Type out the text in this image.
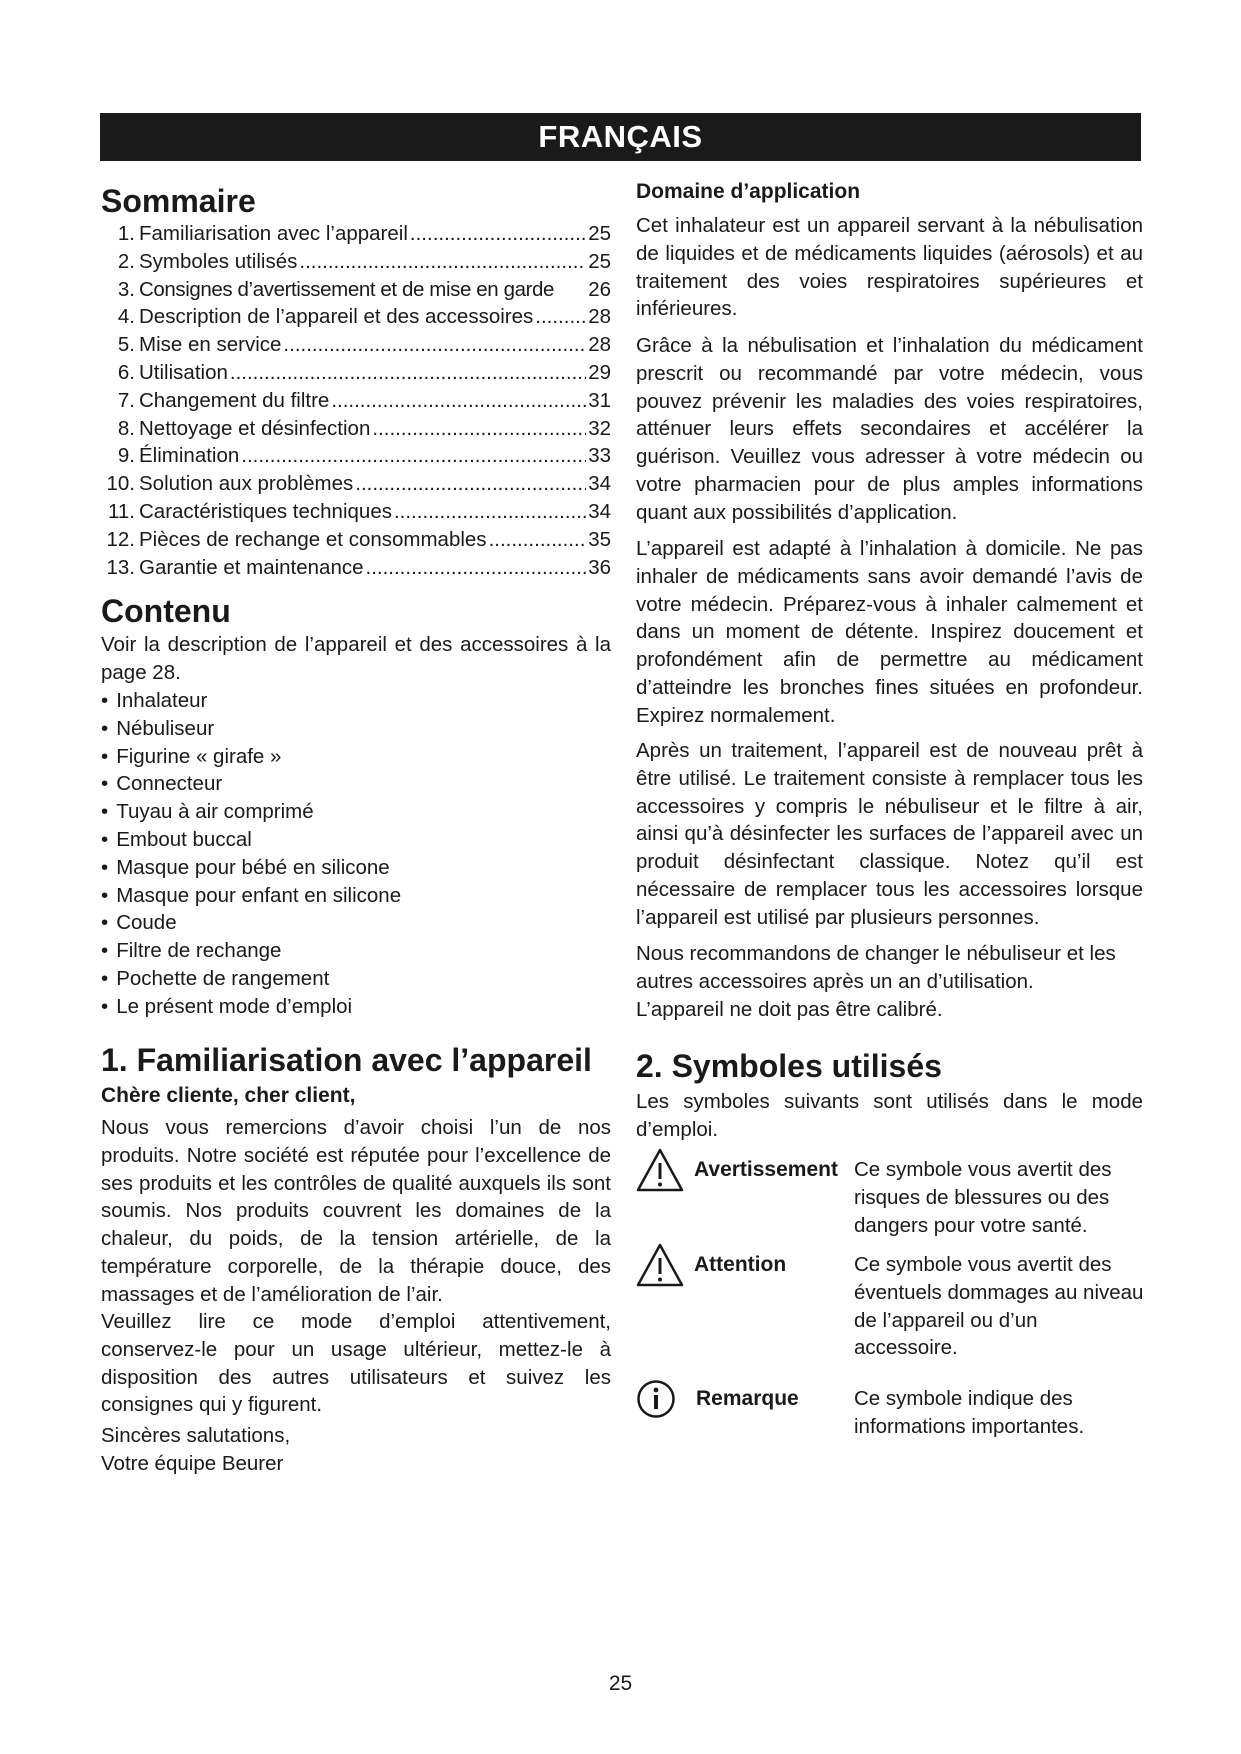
FRANÇAIS
Sommaire
1. Familiarisation avec l’appareil .....	25
2. Symboles utilisés .....	25
3. Consignes d’avertissement et de mise en garde 26
4. Description de l’appareil et des accessoires .....	28
5. Mise en service .....	28
6. Utilisation .....	29
7. Changement du filtre .....	31
8. Nettoyage et désinfection .....	32
9. Élimination .....	33
10. Solution aux problèmes .....	34
11. Caractéristiques techniques .....	34
12. Pièces de rechange et consommables .....	35
13. Garantie et maintenance .....	36
Contenu

Voir la description de l’appareil et des accessoires à la page 28.

• Inhalateur
• Nébuliseur
• Figurine « girafe »
• Connecteur
• Tuyau à air comprimé
• Embout buccal
• Masque pour bébé en silicone
• Masque pour enfant en silicone
• Coude
• Filtre de rechange
• Pochette de rangement
• Le présent mode d’emploi
1. Familiarisation avec l’appareil
Chère cliente, cher client,

Nous vous remercions d’avoir choisi l’un de nos produits. Notre société est réputée pour l’excellence de ses produits et les contrôles de qualité auxquels ils sont soumis. Nos produits couvrent les domaines de la chaleur, du poids, de la tension artérielle, de la température corporelle, de la thérapie douce, des massages et de l’amélioration de l’air.

Veuillez lire ce mode d’emploi attentivement, conservez-le pour un usage ultérieur, mettez-le à disposition des autres utilisateurs et suivez les consignes qui y figurent.

Sincères salutations,

Votre équipe Beurer

Domaine d’application

Cet inhalateur est un appareil servant à la nébulisation de liquides et de médicaments liquides (aérosols) et au traitement des voies respiratoires supérieures et inférieures.

Grâce à la nébulisation et l’inhalation du médicament prescrit ou recommandé par votre médecin, vous pouvez prévenir les maladies des voies respiratoires, atténuer leurs effets secondaires et accélérer la guérison. Veuillez vous adresser à votre médecin ou votre pharmacien pour de plus amples informations quant aux possibilités d’application.

L’appareil est adapté à l’inhalation à domicile. Ne pas inhaler de médicaments sans avoir demandé l’avis de votre médecin. Préparez-vous à inhaler calmement et dans un moment de détente. Inspirez doucement et profondément afin de permettre au médicament d’atteindre les bronches fines situées en profondeur. Expirez normalement.

Après un traitement, l’appareil est de nouveau prêt à être utilisé. Le traitement consiste à remplacer tous les accessoires y compris le nébuliseur et le filtre à air, ainsi qu’à désinfecter les surfaces de l’appareil avec un produit désinfectant classique. Notez qu’il est nécessaire de remplacer tous les accessoires lorsque l’appareil est utilisé par plusieurs personnes.

Nous recommandons de changer le nébuliseur et les autres accessoires après un an d’utilisation.

L’appareil ne doit pas être calibré.

2. Symboles utilisés

Les symboles suivants sont utilisés dans le mode d’emploi.

Avertissement Ce symbole vous avertit des risques de blessures ou des dangers pour votre santé.
Attention	Ce symbole vous avertit des éventuels dommages au niveau de l’appareil ou d’un accessoire.
Remarque	Ce symbole indique des informations importantes.
25
